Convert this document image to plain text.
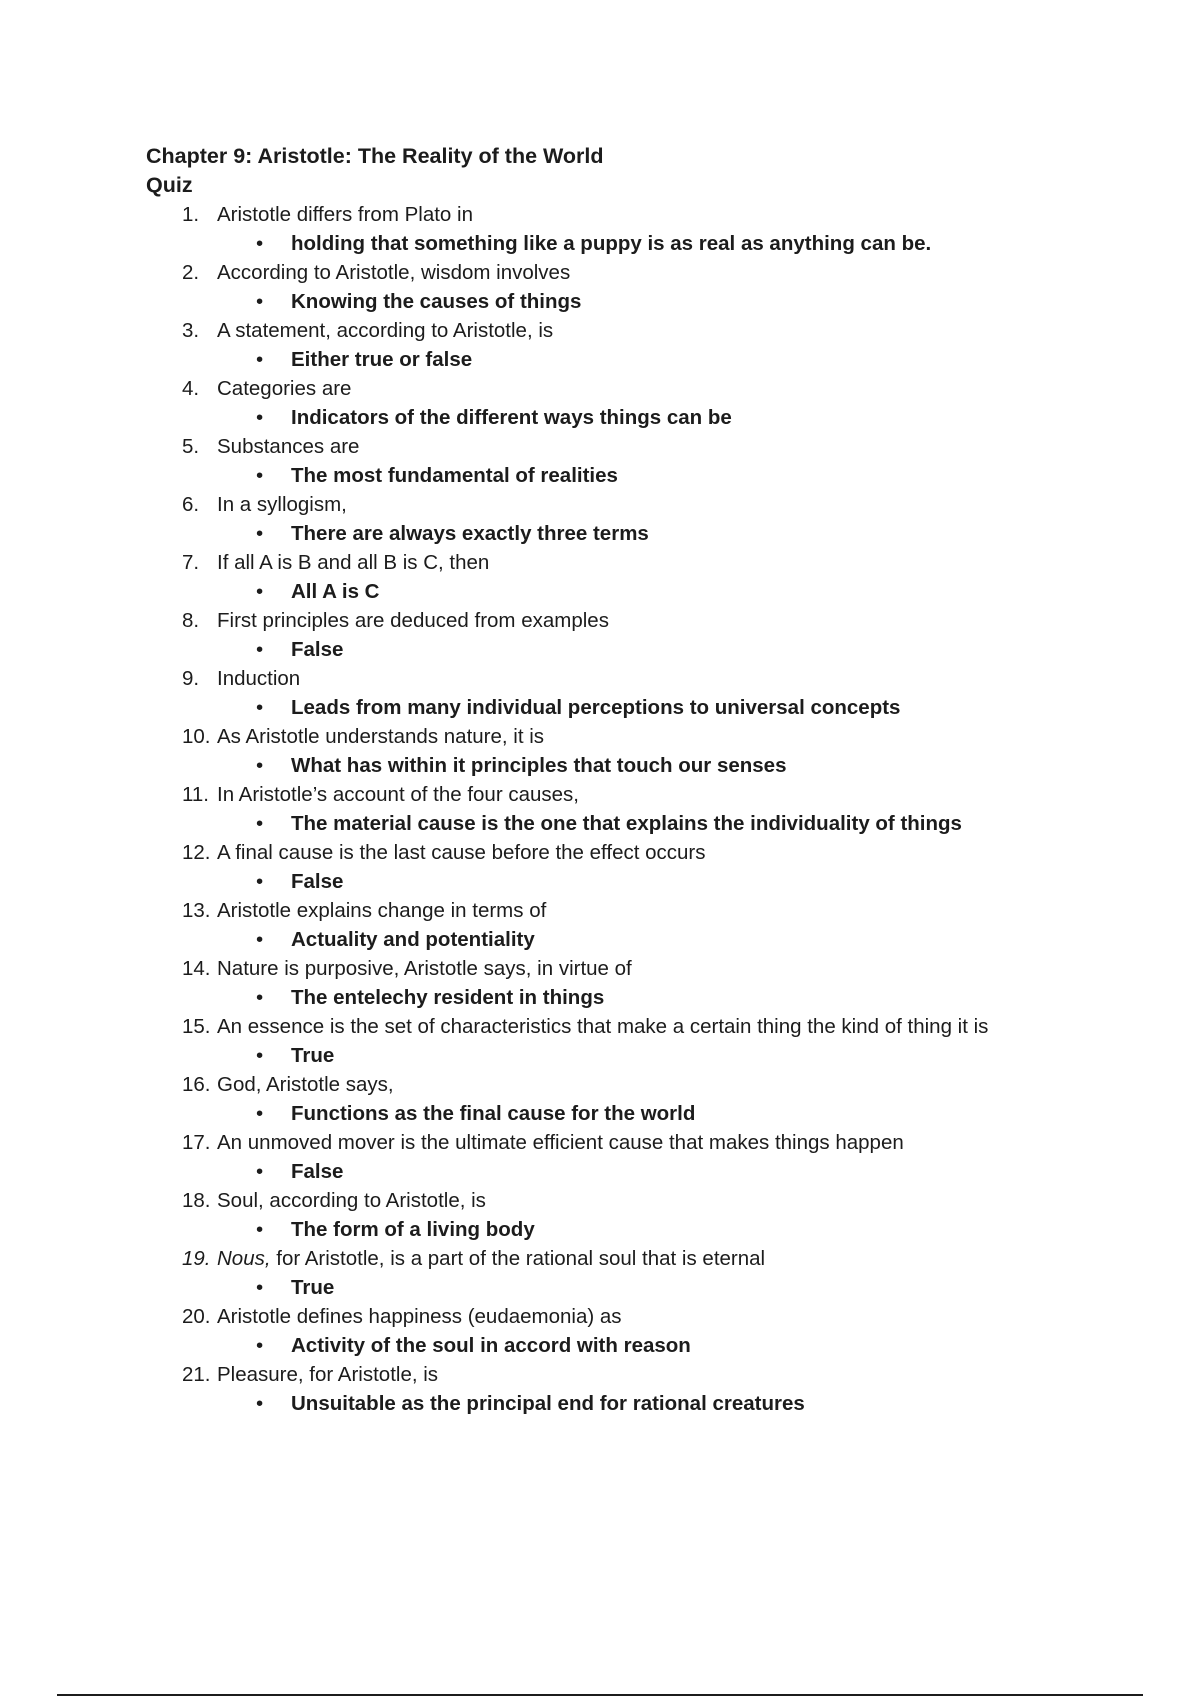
Chapter 9: Aristotle: The Reality of the World
Quiz
1. Aristotle differs from Plato in
• holding that something like a puppy is as real as anything can be.
2. According to Aristotle, wisdom involves
• Knowing the causes of things
3. A statement, according to Aristotle, is
• Either true or false
4. Categories are
• Indicators of the different ways things can be
5. Substances are
• The most fundamental of realities
6. In a syllogism,
• There are always exactly three terms
7. If all A is B and all B is C, then
• All A is C
8. First principles are deduced from examples
• False
9. Induction
• Leads from many individual perceptions to universal concepts
10. As Aristotle understands nature, it is
• What has within it principles that touch our senses
11. In Aristotle’s account of the four causes,
• The material cause is the one that explains the individuality of things
12. A final cause is the last cause before the effect occurs
• False
13. Aristotle explains change in terms of
• Actuality and potentiality
14. Nature is purposive, Aristotle says, in virtue of
• The entelechy resident in things
15. An essence is the set of characteristics that make a certain thing the kind of thing it is
• True
16. God, Aristotle says,
• Functions as the final cause for the world
17. An unmoved mover is the ultimate efficient cause that makes things happen
• False
18. Soul, according to Aristotle, is
• The form of a living body
19. Nous, for Aristotle, is a part of the rational soul that is eternal
• True
20. Aristotle defines happiness (eudaemonia) as
• Activity of the soul in accord with reason
21. Pleasure, for Aristotle, is
• Unsuitable as the principal end for rational creatures
